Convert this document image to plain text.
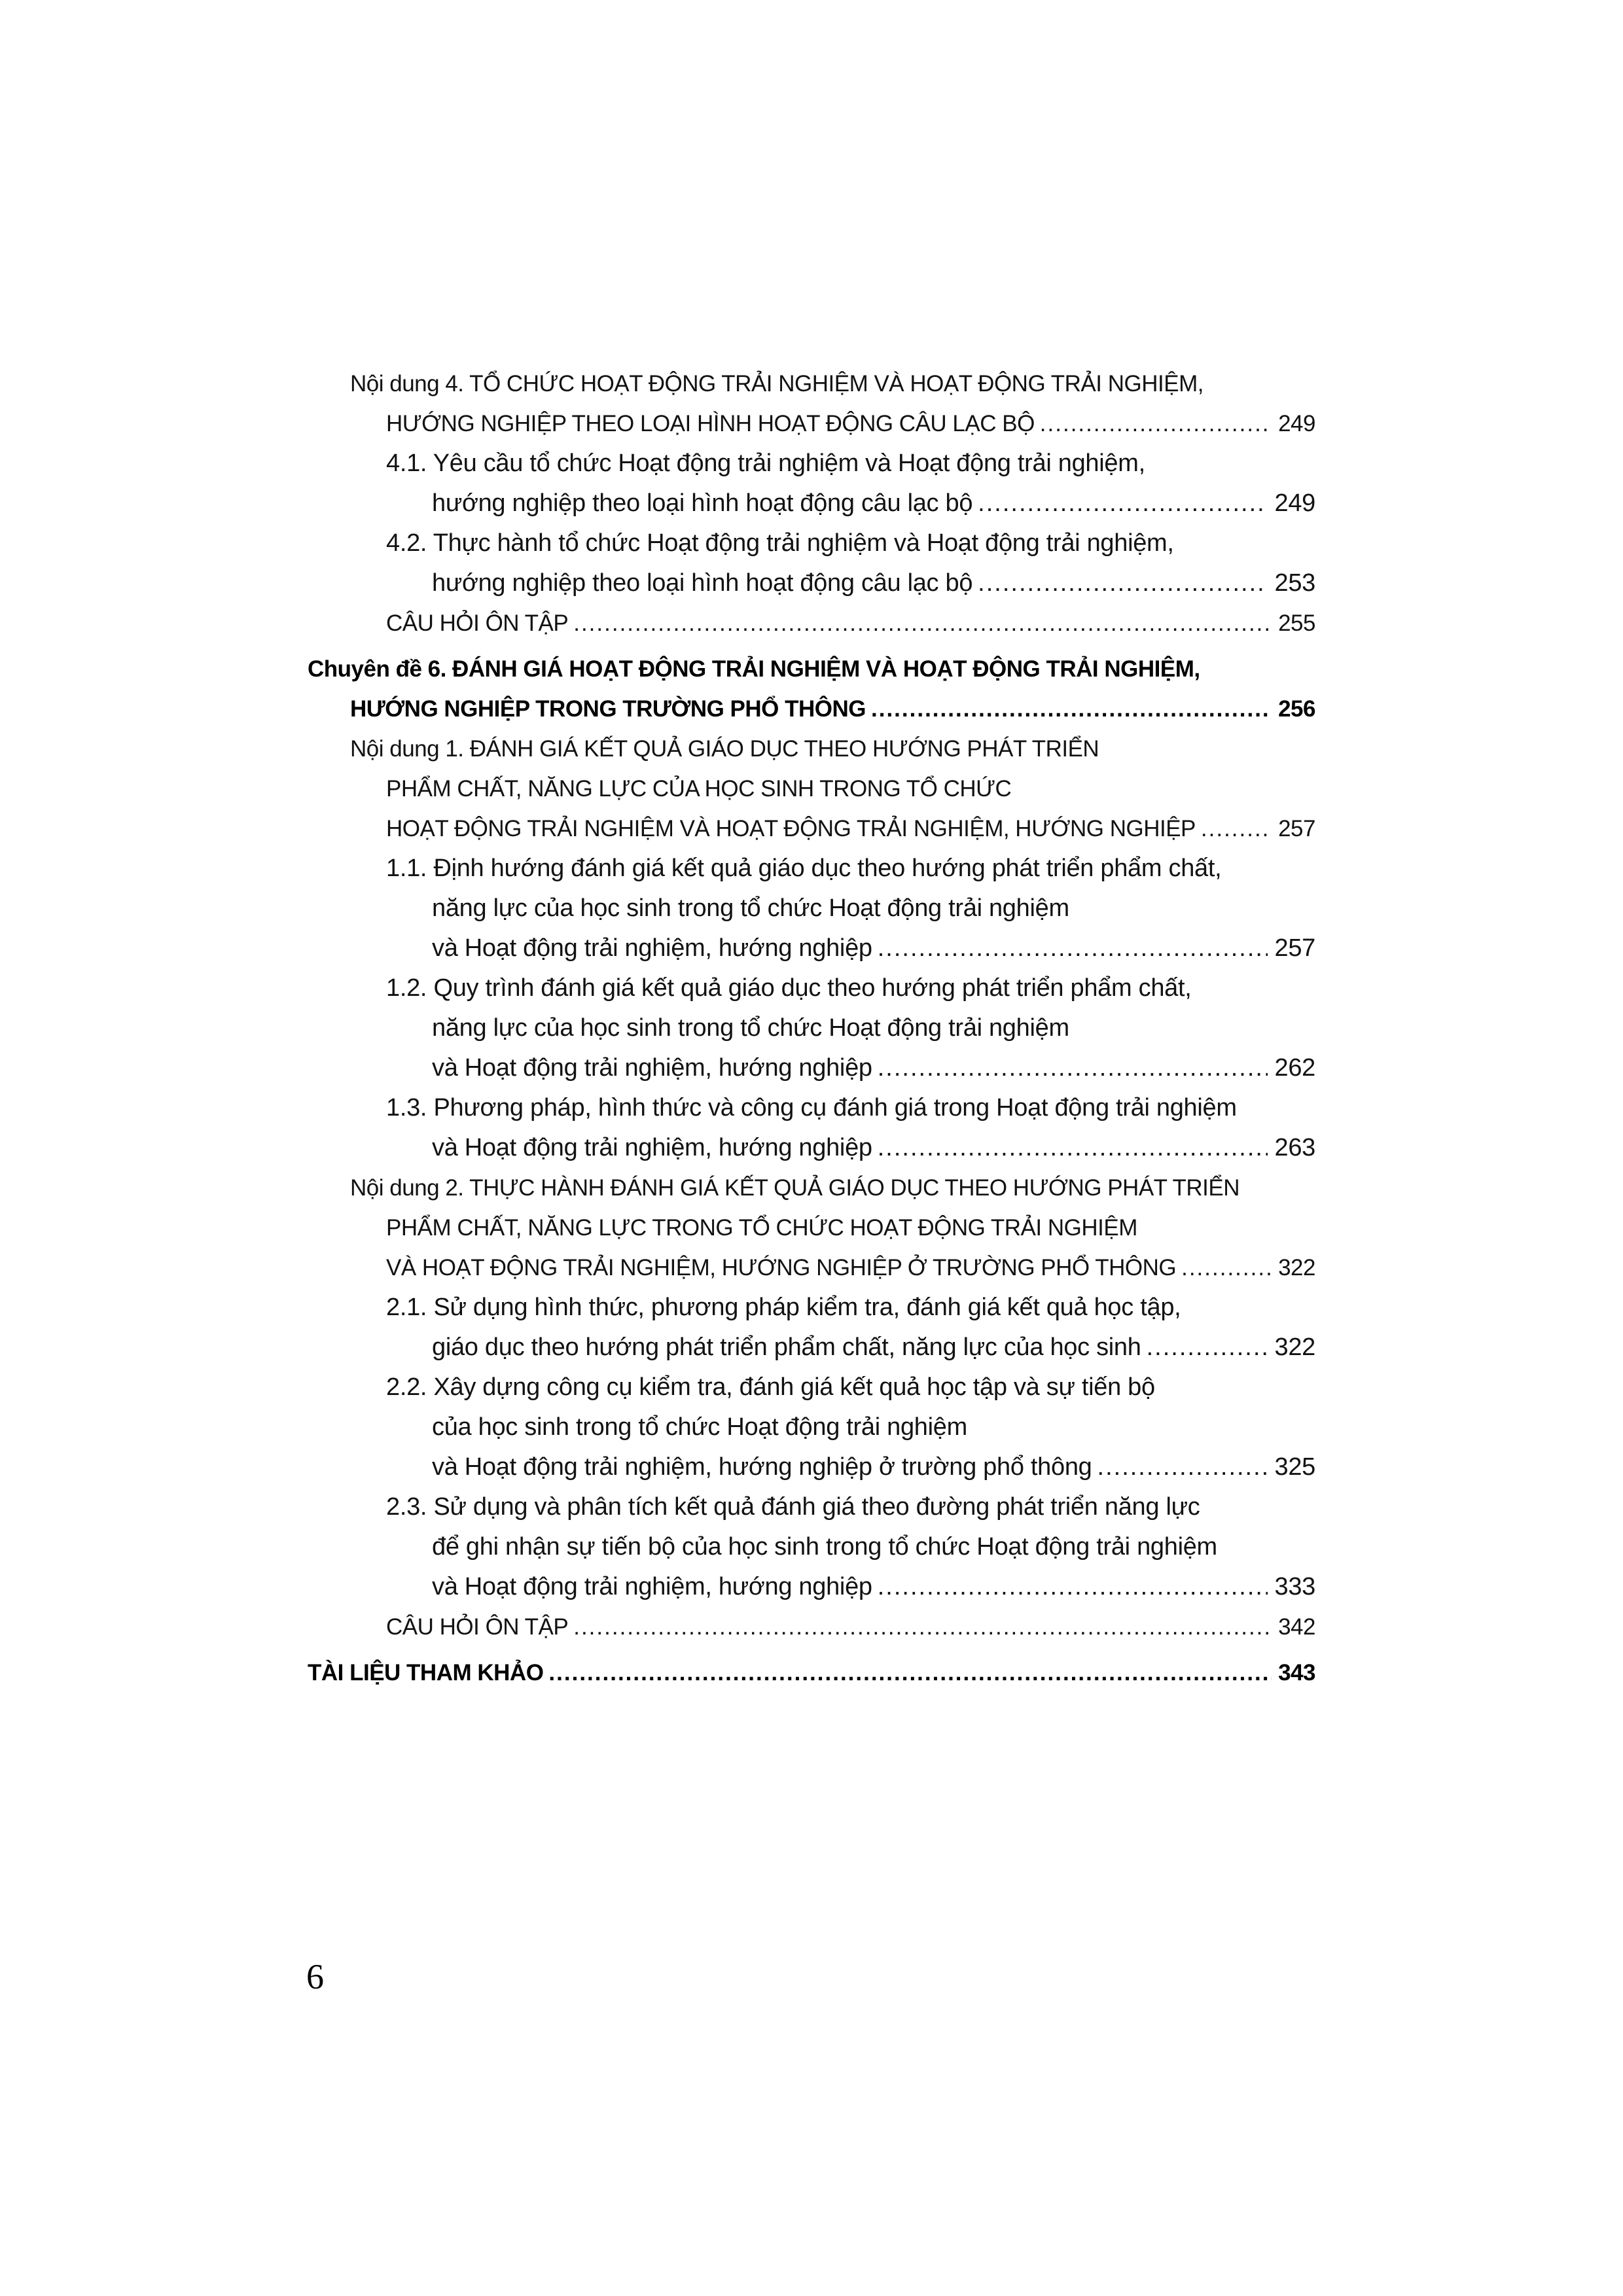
Nội dung 4. TỔ CHỨC HOẠT ĐỘNG TRẢI NGHIỆM VÀ HOẠT ĐỘNG TRẢI NGHIỆM,
HƯỚNG NGHIỆP THEO LOẠI HÌNH HOẠT ĐỘNG CÂU LẠC BỘ .....	249
4.1. Yêu cầu tổ chức Hoạt động trải nghiệm và Hoạt động trải nghiệm,
hướng nghiệp theo loại hình hoạt động câu lạc bộ .....	249
4.2. Thực hành tổ chức Hoạt động trải nghiệm và Hoạt động trải nghiệm,
hướng nghiệp theo loại hình hoạt động câu lạc bộ .....	253
CÂU HỎI ÔN TẬP .....	255
Chuyên đề 6. ĐÁNH GIÁ HOẠT ĐỘNG TRẢI NGHIỆM VÀ HOẠT ĐỘNG TRẢI NGHIỆM,
HƯỚNG NGHIỆP TRONG TRƯỜNG PHỔ THÔNG .....	256
Nội dung 1. ĐÁNH GIÁ KẾT QUẢ GIÁO DỤC THEO HƯỚNG PHÁT TRIỂN
PHẨM CHẤT, NĂNG LỰC CỦA HỌC SINH TRONG TỔ CHỨC
HOẠT ĐỘNG TRẢI NGHIỆM VÀ HOẠT ĐỘNG TRẢI NGHIỆM, HƯỚNG NGHIỆP .....	257
1.1. Định hướng đánh giá kết quả giáo dục theo hướng phát triển phẩm chất,
năng lực của học sinh trong tổ chức Hoạt động trải nghiệm
và Hoạt động trải nghiệm, hướng nghiệp .....	257
1.2. Quy trình đánh giá kết quả giáo dục theo hướng phát triển phẩm chất,
năng lực của học sinh trong tổ chức Hoạt động trải nghiệm
và Hoạt động trải nghiệm, hướng nghiệp .....	262
1.3. Phương pháp, hình thức và công cụ đánh giá trong Hoạt động trải nghiệm
và Hoạt động trải nghiệm, hướng nghiệp .....	263
Nội dung 2. THỰC HÀNH ĐÁNH GIÁ KẾT QUẢ GIÁO DỤC THEO HƯỚNG PHÁT TRIỂN
PHẨM CHẤT, NĂNG LỰC TRONG TỔ CHỨC HOẠT ĐỘNG TRẢI NGHIỆM
VÀ HOẠT ĐỘNG TRẢI NGHIỆM, HƯỚNG NGHIỆP Ở TRƯỜNG PHỔ THÔNG .....	322
2.1. Sử dụng hình thức, phương pháp kiểm tra, đánh giá kết quả học tập,
giáo dục theo hướng phát triển phẩm chất, năng lực của học sinh .....	322
2.2. Xây dựng công cụ kiểm tra, đánh giá kết quả học tập và sự tiến bộ
của học sinh trong tổ chức Hoạt động trải nghiệm
và Hoạt động trải nghiệm, hướng nghiệp ở trường phổ thông .....	325
2.3. Sử dụng và phân tích kết quả đánh giá theo đường phát triển năng lực
để ghi nhận sự tiến bộ của học sinh trong tổ chức Hoạt động trải nghiệm
và Hoạt động trải nghiệm, hướng nghiệp .....	333
CÂU HỎI ÔN TẬP .....	342
TÀI LIỆU THAM KHẢO .....	343
6
